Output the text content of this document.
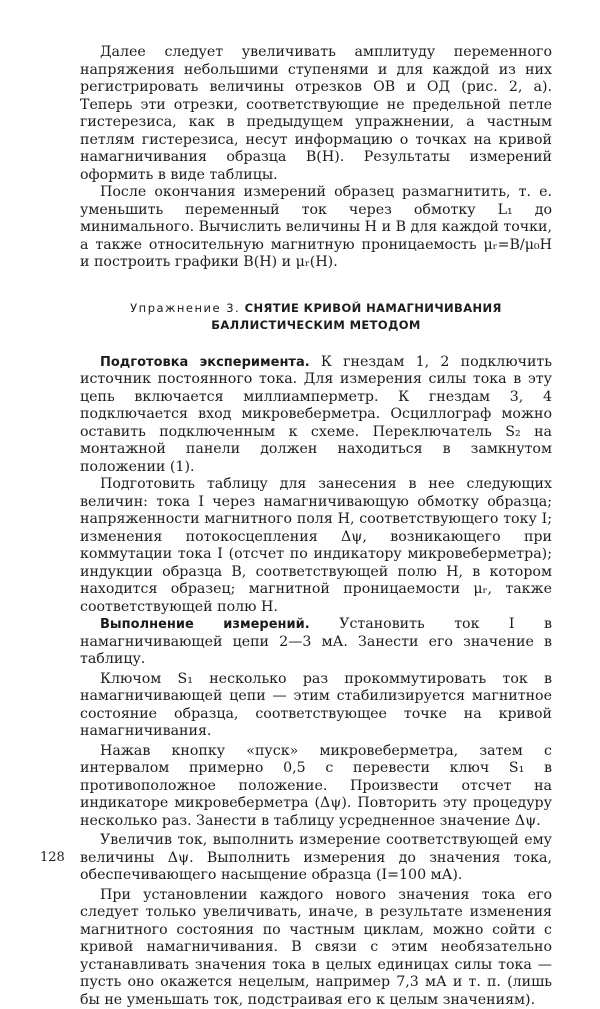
Далее следует увеличивать амплитуду переменного напряжения небольшими ступенями и для каждой из них регистрировать величины отрезков ОВ и ОД (рис. 2, а). Теперь эти отрезки, соответствующие не предельной петле гистерезиса, как в предыдущем упражнении, а частным петлям гистерезиса, несут информацию о точках на кривой намагничивания образца B(H). Результаты измерений оформить в виде таблицы.

После окончания измерений образец размагнитить, т. е. уменьшить переменный ток через обмотку L₁ до минимального. Вычислить величины H и B для каждой точки, а также относительную магнитную проницаемость μᵣ=B/μ₀H и построить графики B(H) и μᵣ(H).

Упражнение 3. СНЯТИЕ КРИВОЙ НАМАГНИЧИВАНИЯ
БАЛЛИСТИЧЕСКИМ МЕТОДОМ

Подготовка эксперимента. К гнездам 1, 2 подключить источник постоянного тока. Для измерения силы тока в эту цепь включается миллиамперметр. К гнездам 3, 4 подключается вход микровеберметра. Осциллограф можно оставить подключенным к схеме. Переключатель S₂ на монтажной панели должен находиться в замкнутом положении (1).

Подготовить таблицу для занесения в нее следующих величин: тока I через намагничивающую обмотку образца; напряженности магнитного поля H, соответствующего току I; изменения потокосцепления Δψ, возникающего при коммутации тока I (отсчет по индикатору микровеберметра); индукции образца B, соответствующей полю H, в котором находится образец; магнитной проницаемости μᵣ, также соответствующей полю H.

Выполнение измерений. Установить ток I в намагничивающей цепи 2—3 мА. Занести его значение в таблицу.

Ключом S₁ несколько раз прокоммутировать ток в намагничивающей цепи — этим стабилизируется магнитное состояние образца, соответствующее точке на кривой намагничивания.

Нажав кнопку «пуск» микровеберметра, затем с интервалом примерно 0,5 с перевести ключ S₁ в противоположное положение. Произвести отсчет на индикаторе микровеберметра (Δψ). Повторить эту процедуру несколько раз. Занести в таблицу усредненное значение Δψ.

Увеличив ток, выполнить измерение соответствующей ему величины Δψ. Выполнить измерения до значения тока, обеспечивающего насыщение образца (I=100 мА).

При установлении каждого нового значения тока его следует только увеличивать, иначе, в результате изменения магнитного состояния по частным циклам, можно сойти с кривой намагничивания. В связи с этим необязательно устанавливать значения тока в целых единицах силы тока — пусть оно окажется нецелым, например 7,3 мА и т. п. (лишь бы не уменьшать ток, подстраивая его к целым значениям).

128
